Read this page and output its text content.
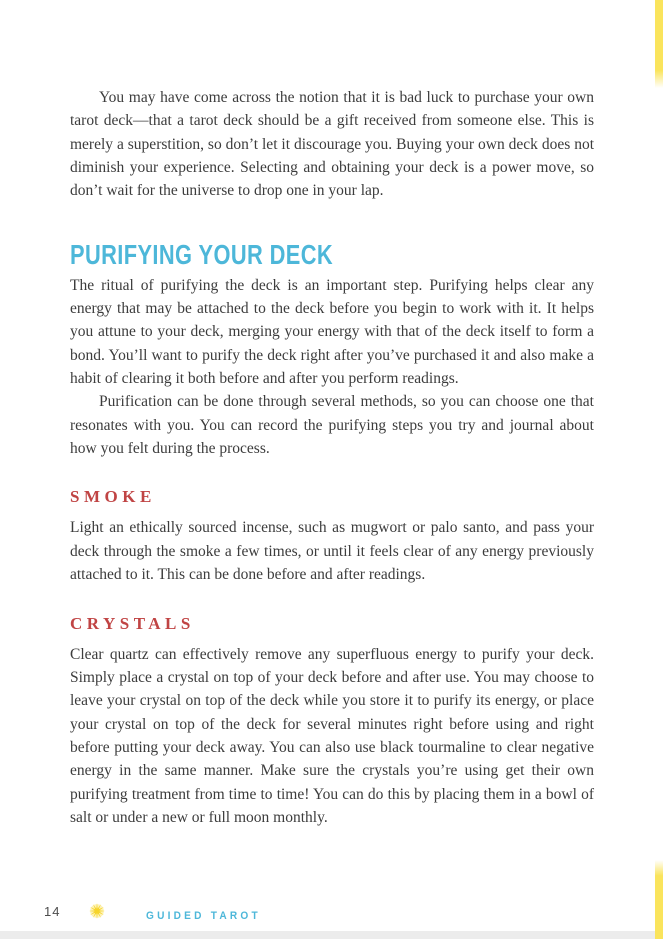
You may have come across the notion that it is bad luck to purchase your own tarot deck—that a tarot deck should be a gift received from someone else. This is merely a superstition, so don’t let it discourage you. Buying your own deck does not diminish your experience. Selecting and obtaining your deck is a power move, so don’t wait for the universe to drop one in your lap.

PURIFYING YOUR DECK

The ritual of purifying the deck is an important step. Purifying helps clear any energy that may be attached to the deck before you begin to work with it. It helps you attune to your deck, merging your energy with that of the deck itself to form a bond. You’ll want to purify the deck right after you’ve purchased it and also make a habit of clearing it both before and after you perform readings.

Purification can be done through several methods, so you can choose one that resonates with you. You can record the purifying steps you try and journal about how you felt during the process.

SMOKE

Light an ethically sourced incense, such as mugwort or palo santo, and pass your deck through the smoke a few times, or until it feels clear of any energy previously attached to it. This can be done before and after readings.

CRYSTALS

Clear quartz can effectively remove any superfluous energy to purify your deck. Simply place a crystal on top of your deck before and after use. You may choose to leave your crystal on top of the deck while you store it to purify its energy, or place your crystal on top of the deck for several minutes right before using and right before putting your deck away. You can also use black tourmaline to clear negative energy in the same manner. Make sure the crystals you’re using get their own purifying treatment from time to time! You can do this by placing them in a bowl of salt or under a new or full moon monthly.

14	GUIDED TAROT
